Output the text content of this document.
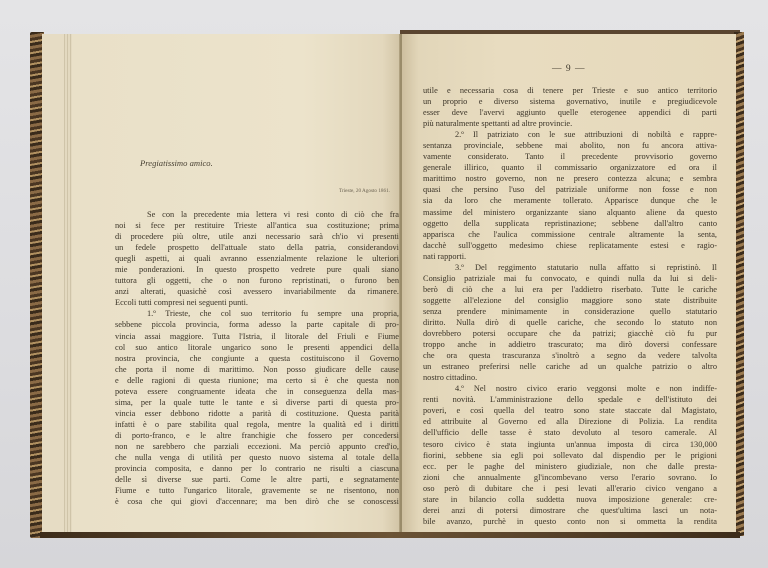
Pregiatissimo amico.
Trieste, 20 Agosto 1861.
Se con la precedente mia lettera vi resi conto di ciò che fra
noi si fece per restituire Trieste all'antica sua costituzione; prima
di procedere più oltre, utile anzi necessario sarà ch'io vi presenti
un fedele prospetto dell'attuale stato della patria, considerandovi
quegli aspetti, ai quali avranno essenzialmente relazione le ulteriori
mie ponderazioni. In questo prospetto vedrete pure quali siano
tuttora gli oggetti, che o non furono repristinati, o furono ben
anzi alterati, quasichè così avessero invariabilmente da rimanere.
Eccoli tutti compresi nei seguenti punti.
1.º Trieste, che col suo territorio fu sempre una propria,
sebbene piccola provincia, forma adesso la parte capitale di pro-
vincia assai maggiore. Tutta l'Istria, il litorale del Friuli e Fiume
col suo antico litorale ungarico sono le presenti appendici della
nostra provincia, che congiunte a questa costituiscono il Governo
che porta il nome di marittimo. Non posso giudicare delle cause
e delle ragioni di questa riunione; ma certo si è che questa non
poteva essere congruamente ideata che in conseguenza della mas-
sima, per la quale tutte le tante e sì diverse parti di questa pro-
vincia esser debbono ridotte a parità di costituzione. Questa parità
infatti è o pare stabilita qual regola, mentre la qualità ed i diritti
di porto-franco, e le altre franchigie che fossero per concedersi
non ne sarebbero che parziali eccezioni. Ma perciò appunto cred'io,
che nulla venga di utilità per questo nuovo sistema al totale della
provincia composita, e danno per lo contrario ne risulti a ciascuna
delle sì diverse sue parti. Come le altre parti, e segnatamente
Fiume e tutto l'ungarico litorale, gravemente se ne risentono, non
è cosa che qui giovi d'accennare; ma ben dirò che se conoscessi
— 9 —
utile e necessaria cosa di tenere per Trieste e suo antico territorio
un proprio e diverso sistema governativo, inutile e pregiudicevole
esser deve l'avervi aggiunto quelle eterogenee appendici di parti
più naturalmente spettanti ad altre provincie.
2.º Il patriziato con le sue attribuzioni di nobiltà e rappre-
sentanza provinciale, sebbene mai abolito, non fu ancora attiva-
vamente considerato. Tanto il precedente provvisorio governo
generale illirico, quanto il commissario organizzatore ed ora il
marittimo nostro governo, non ne presero contezza alcuna; e sembra
quasi che persino l'uso del patriziale uniforme non fosse e non
sia da loro che meramente tollerato. Apparisce dunque che le
massime del ministero organizzante siano alquanto aliene da questo
oggetto della supplicata repristinazione; sebbene dall'altro canto
apparisca che l'aulica commissione centrale altramente la senta,
dacchè sull'oggetto medesimo chiese replicatamente estesi e ragio-
nati rapporti.
3.º Del reggimento statutario nulla affatto si repristinò. Il
Consiglio patriziale mai fu convocato, e quindi nulla da lui si deli-
berò di ciò che a lui era per l'addietro riserbato. Tutte le cariche
soggette all'elezione del consiglio maggiore sono state distribuite
senza prendere minimamente in considerazione quello statutario
diritto. Nulla dirò di quelle cariche, che secondo lo statuto non
dovrebbero potersi occupare che da patrizi; giacchè ciò fu pur
troppo anche in addietro trascurato; ma dirò doversi confessare
che ora questa trascuranza s'inoltrò a segno da vedere talvolta
un estraneo preferirsi nelle cariche ad un qualche patrizio o altro
nostro cittadino.
4.º Nel nostro civico erario veggonsi molte e non indiffe-
renti novità. L'amministrazione dello spedale e dell'istituto dei
poveri, e così quella del teatro sono state staccate dal Magistato,
ed attribuite al Governo ed alla Direzione di Polizia. La rendita
dell'ufficio delle tasse è stato devoluto al tesoro camerale. Al
tesoro civico è stata ingiunta un'annua imposta di circa 130,000
fiorini, sebbene sia egli poi sollevato dal dispendio per le prigioni
ecc. per le paghe del ministero giudiziale, non che dalle presta-
zioni che annualmente gl'incombevano verso l'erario sovrano. Io
oso però di dubitare che i pesi levati all'erario civico vengano a
stare in bilancio colla suddetta nuova imposizione generale: cre-
derei anzi di potersi dimostrare che quest'ultima lasci un nota-
bile avanzo, purchè in questo conto non si ommetta la rendita
